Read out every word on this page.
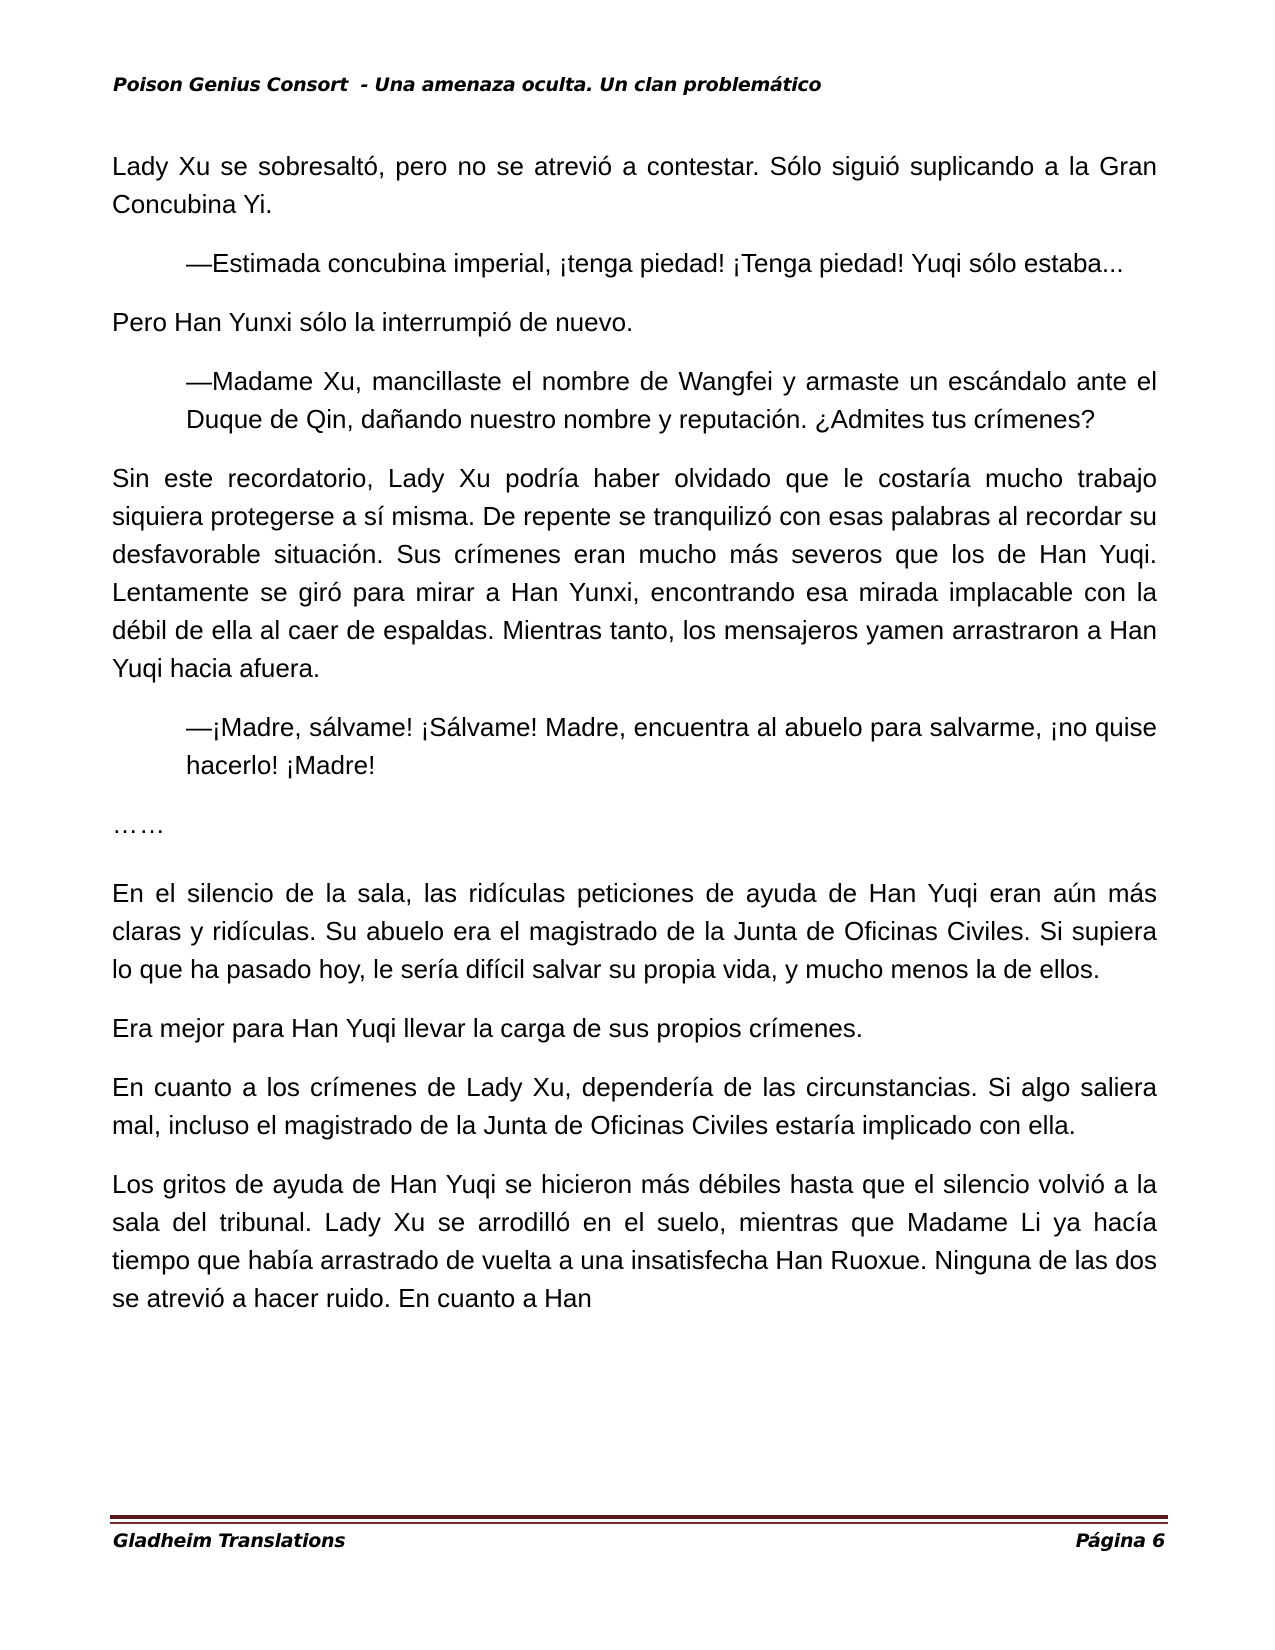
Poison Genius Consort  - Una amenaza oculta. Un clan problemático

Lady Xu se sobresaltó, pero no se atrevió a contestar. Sólo siguió suplicando a la Gran Concubina Yi.

—Estimada concubina imperial, ¡tenga piedad! ¡Tenga piedad! Yuqi sólo estaba...

Pero Han Yunxi sólo la interrumpió de nuevo.

—Madame Xu, mancillaste el nombre de Wangfei y armaste un escándalo ante el Duque de Qin, dañando nuestro nombre y reputación. ¿Admites tus crímenes?

Sin este recordatorio, Lady Xu podría haber olvidado que le costaría mucho trabajo siquiera protegerse a sí misma. De repente se tranquilizó con esas palabras al recordar su desfavorable situación. Sus crímenes eran mucho más severos que los de Han Yuqi. Lentamente se giró para mirar a Han Yunxi, encontrando esa mirada implacable con la débil de ella al caer de espaldas. Mientras tanto, los mensajeros yamen arrastraron a Han Yuqi hacia afuera.

—¡Madre, sálvame! ¡Sálvame! Madre, encuentra al abuelo para salvarme, ¡no quise hacerlo! ¡Madre!

……

En el silencio de la sala, las ridículas peticiones de ayuda de Han Yuqi eran aún más claras y ridículas. Su abuelo era el magistrado de la Junta de Oficinas Civiles. Si supiera lo que ha pasado hoy, le sería difícil salvar su propia vida, y mucho menos la de ellos.

Era mejor para Han Yuqi llevar la carga de sus propios crímenes.

En cuanto a los crímenes de Lady Xu, dependería de las circunstancias. Si algo saliera mal, incluso el magistrado de la Junta de Oficinas Civiles estaría implicado con ella.

Los gritos de ayuda de Han Yuqi se hicieron más débiles hasta que el silencio volvió a la sala del tribunal. Lady Xu se arrodilló en el suelo, mientras que Madame Li ya hacía tiempo que había arrastrado de vuelta a una insatisfecha Han Ruoxue. Ninguna de las dos se atrevió a hacer ruido. En cuanto a Han

Gladheim Translations	Página 6
